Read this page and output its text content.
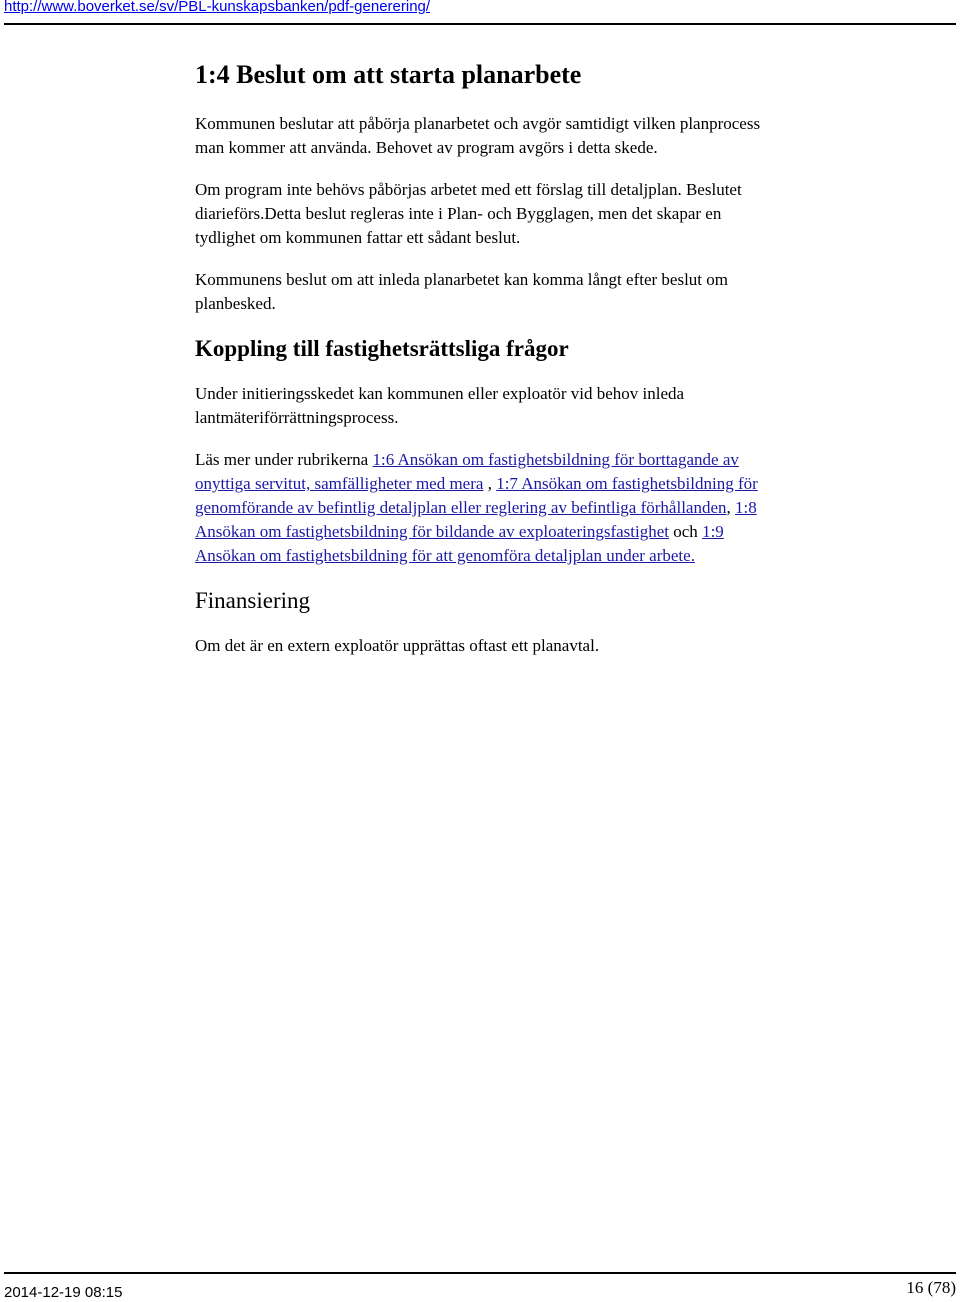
http://www.boverket.se/sv/PBL-kunskapsbanken/pdf-generering/
1:4 Beslut om att starta planarbete

Kommunen beslutar att påbörja planarbetet och avgör samtidigt vilken planprocess man kommer att använda. Behovet av program avgörs i detta skede.

Om program inte behövs påbörjas arbetet med ett förslag till detaljplan. Beslutet diarieförs.Detta beslut regleras inte i Plan- och Bygglagen, men det skapar en tydlighet om kommunen fattar ett sådant beslut.

Kommunens beslut om att inleda planarbetet kan komma långt efter beslut om planbesked.

Koppling till fastighetsrättsliga frågor

Under initieringsskedet kan kommunen eller exploatör vid behov inleda lantmäteriförrättningsprocess.

Läs mer under rubrikerna 1:6 Ansökan om fastighetsbildning för borttagande av onyttiga servitut, samfälligheter med mera , 1:7 Ansökan om fastighetsbildning för genomförande av befintlig detaljplan eller reglering av befintliga förhållanden, 1:8 Ansökan om fastighetsbildning för bildande av exploateringsfastighet och 1:9 Ansökan om fastighetsbildning för att genomföra detaljplan under arbete.

Finansiering

Om det är en extern exploatör upprättas oftast ett planavtal.

2014-12-19 08:15	16 (78)
